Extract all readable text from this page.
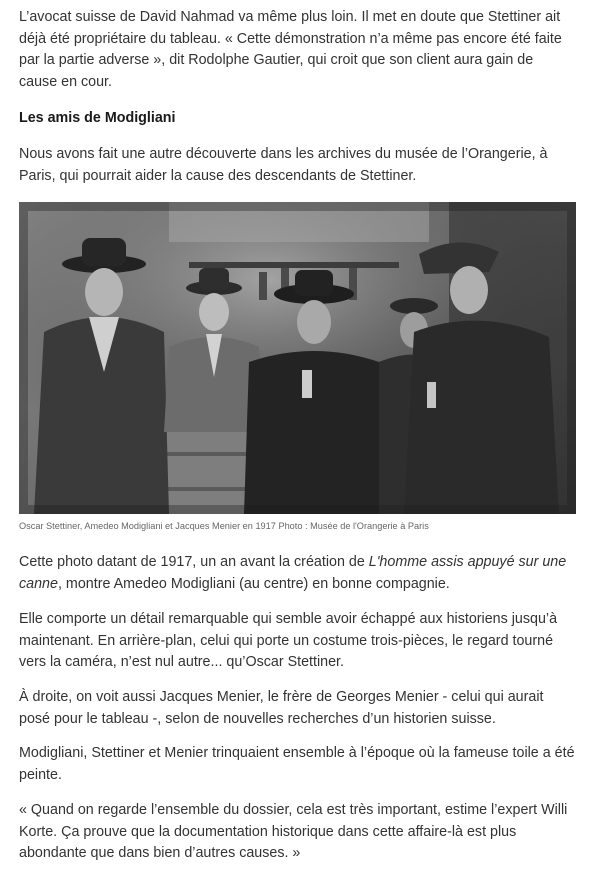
L’avocat suisse de David Nahmad va même plus loin. Il met en doute que Stettiner ait déjà été propriétaire du tableau. « Cette démonstration n’a même pas encore été faite par la partie adverse », dit Rodolphe Gautier, qui croit que son client aura gain de cause en cour.

Les amis de Modigliani

Nous avons fait une autre découverte dans les archives du musée de l’Orangerie, à Paris, qui pourrait aider la cause des descendants de Stettiner.

Oscar Stettiner, Amedeo Modigliani et Jacques Menier en 1917 Photo : Musée de l'Orangerie à Paris

Cette photo datant de 1917, un an avant la création de L'homme assis appuyé sur une canne, montre Amedeo Modigliani (au centre) en bonne compagnie.

Elle comporte un détail remarquable qui semble avoir échappé aux historiens jusqu’à maintenant. En arrière-plan, celui qui porte un costume trois-pièces, le regard tourné vers la caméra, n’est nul autre... qu’Oscar Stettiner.

À droite, on voit aussi Jacques Menier, le frère de Georges Menier - celui qui aurait posé pour le tableau -, selon de nouvelles recherches d’un historien suisse.

Modigliani, Stettiner et Menier trinquaient ensemble à l’époque où la fameuse toile a été peinte.

« Quand on regarde l’ensemble du dossier, cela est très important, estime l’expert Willi Korte. Ça prouve que la documentation historique dans cette affaire-là est plus abondante que dans bien d’autres causes. »
